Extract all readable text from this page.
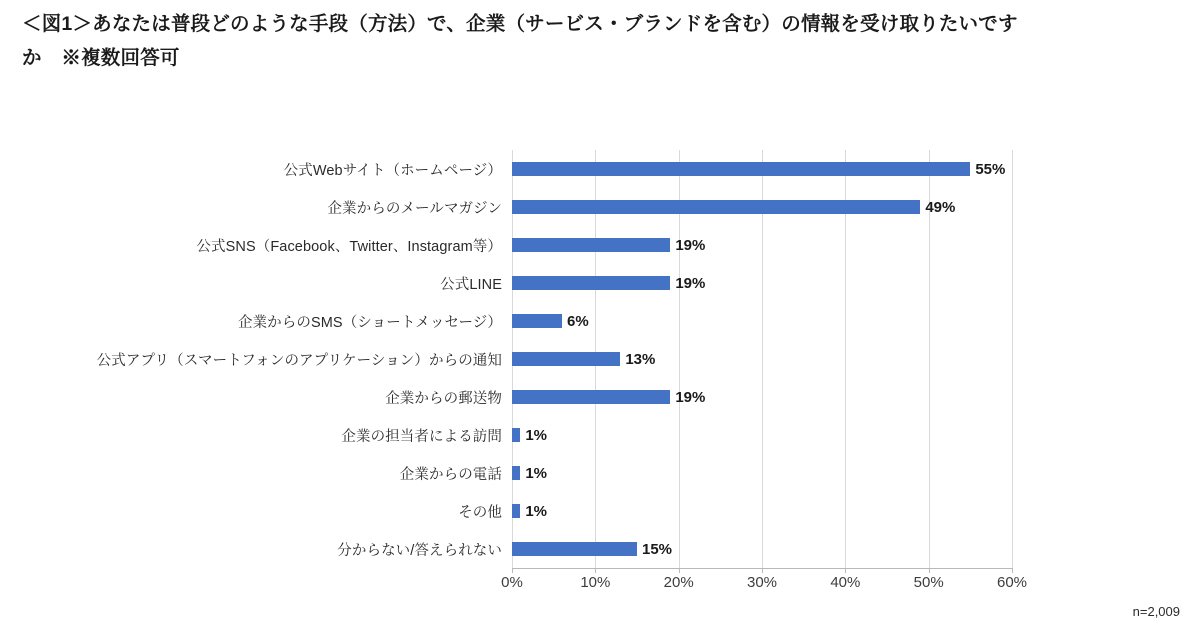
＜図1＞あなたは普段どのような手段（方法）で、企業（サービス・ブランドを含む）の情報を受け取りたいです
か　※複数回答可
公式Webサイト（ホームページ）	55%
企業からのメールマガジン	49%
公式SNS（Facebook、Twitter、Instagram等）	19%
公式LINE	19%
企業からのSMS（ショートメッセージ）	6%
公式アプリ（スマートフォンのアプリケーション）からの通知	13%
企業からの郵送物	19%
企業の担当者による訪問 1%
企業からの電話 1%
その他 1%
分からない/答えられない	15%
0%	10%	20%	30%	40%	50%	60%
n=2,009
